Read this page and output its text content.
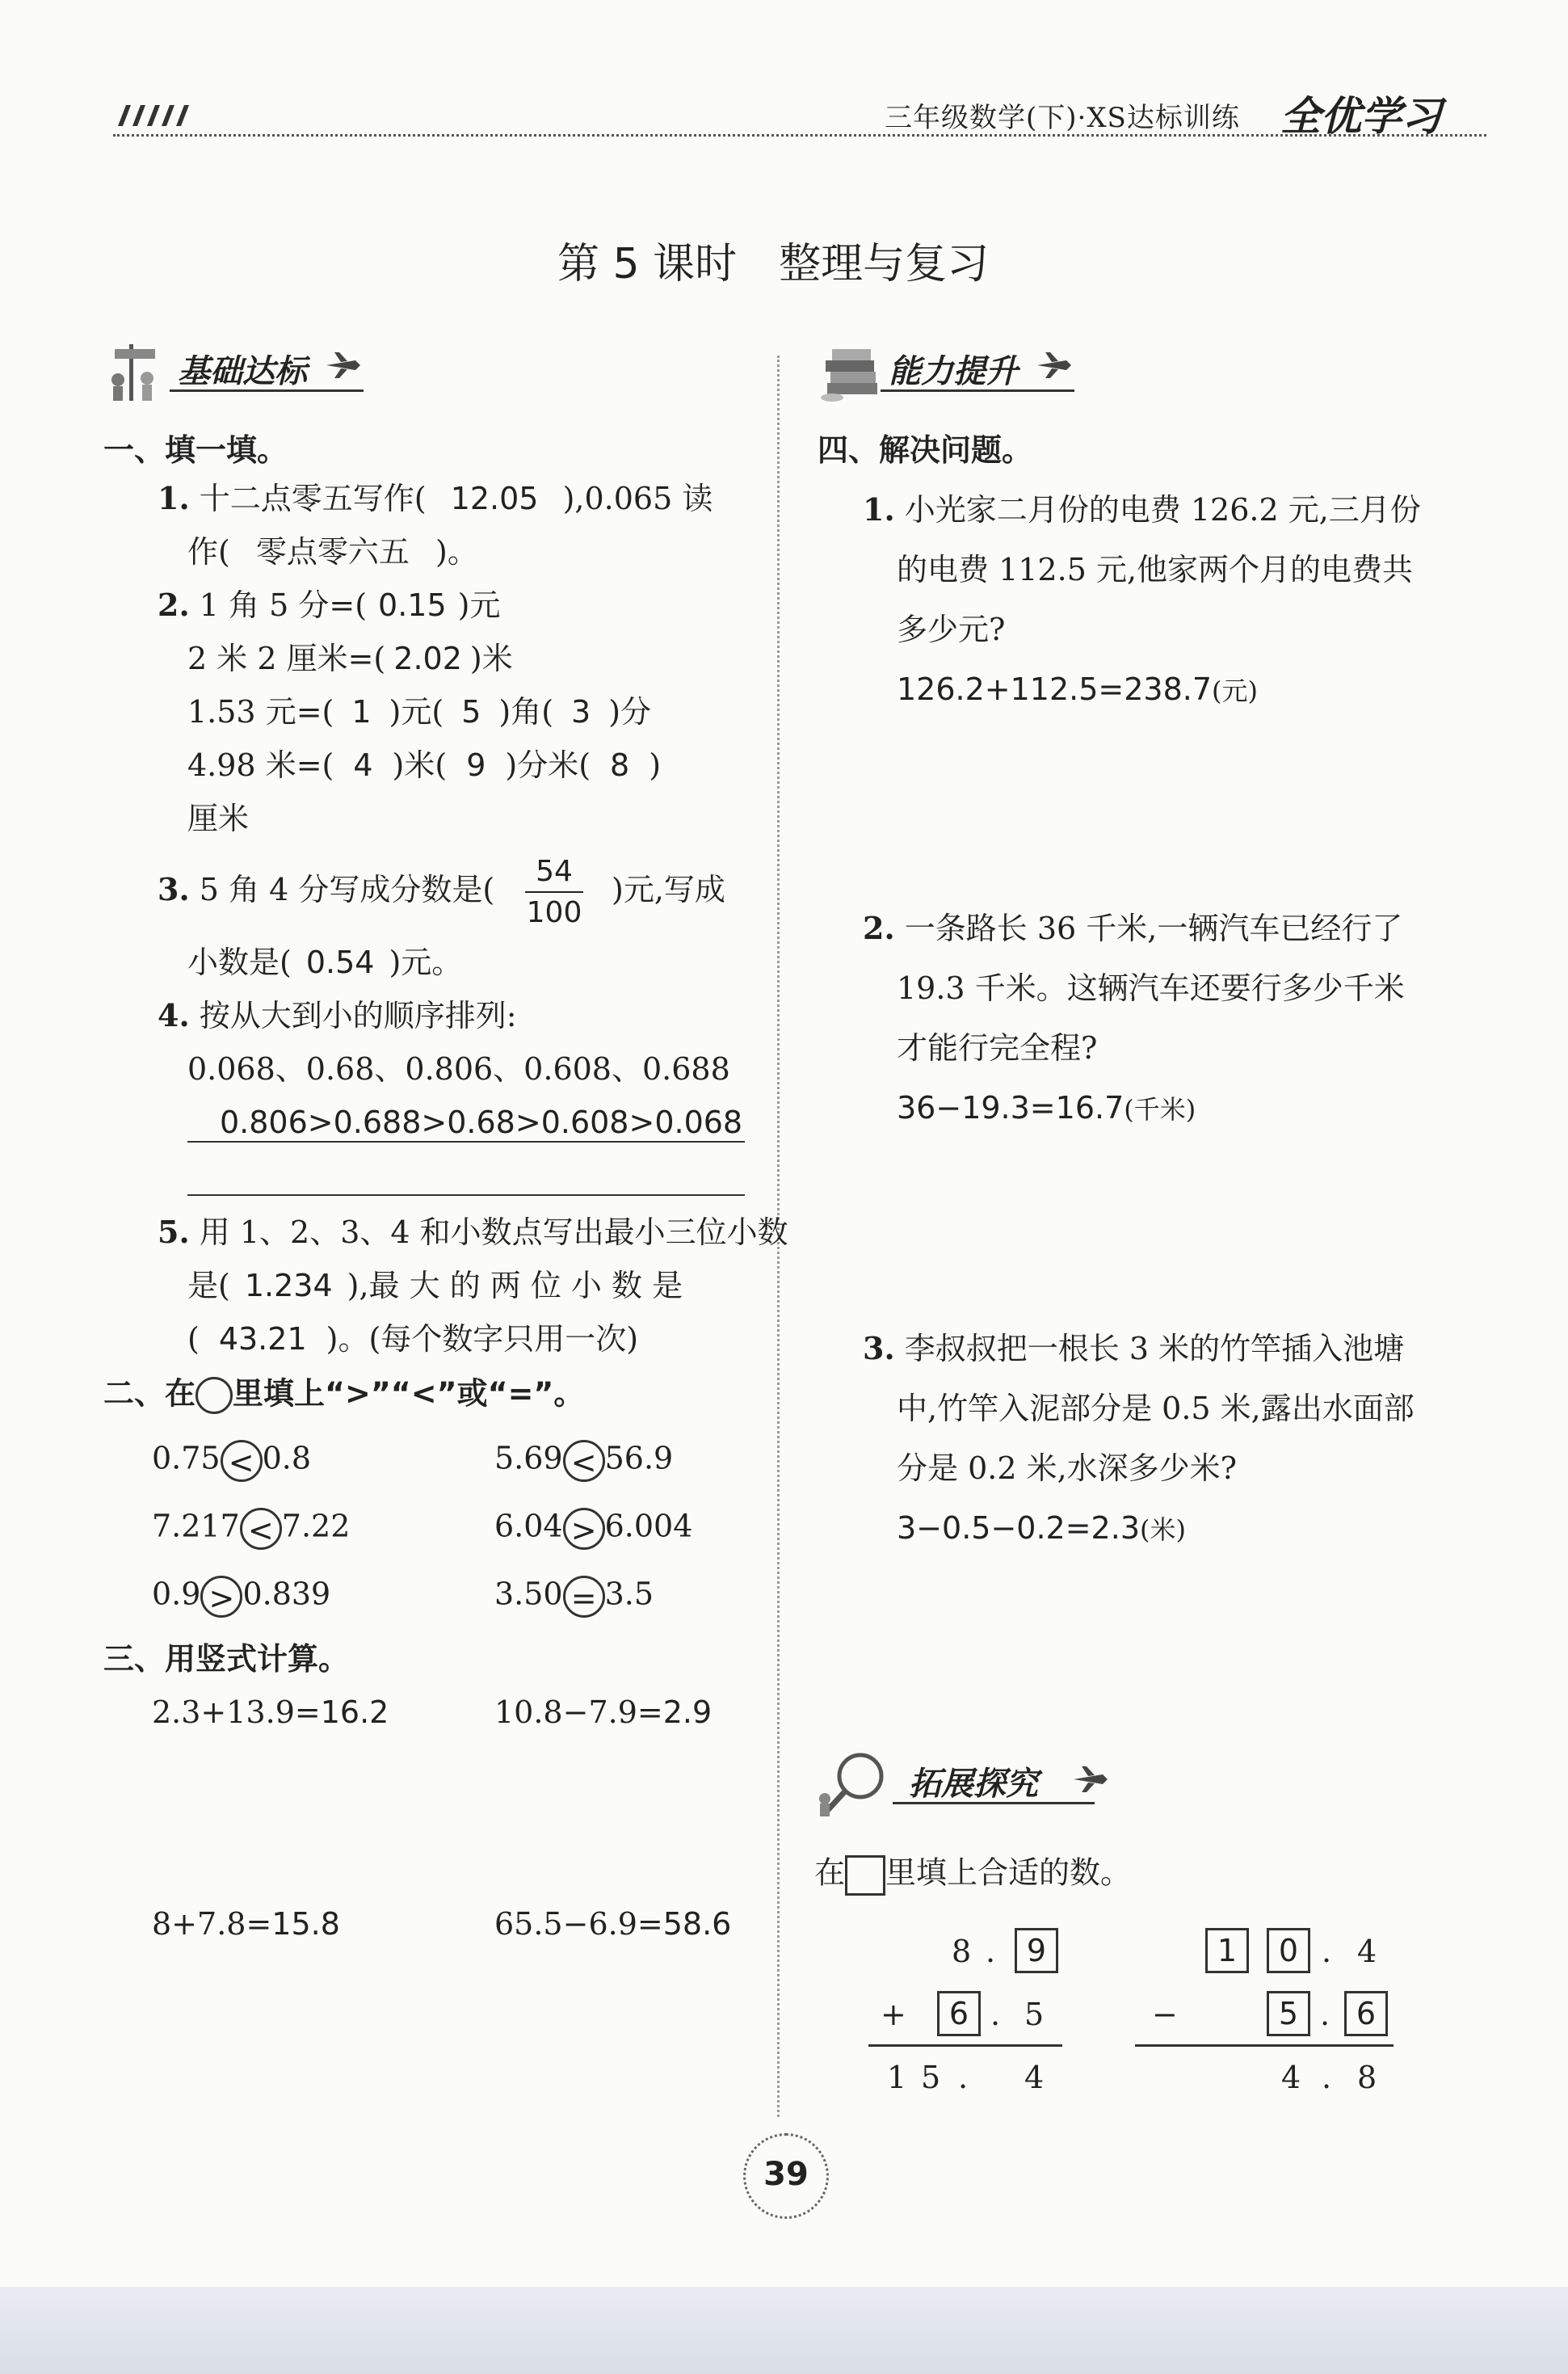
三年级数学(下)·XS达标训练 全优学习
第 5 课时　整理与复习
基础达标	能力提升
一、填一填。
1. 十二点零五写作( 12.05 ),0.065 读
作( 零点零六五 )。
2. 1 角 5 分=( 0.15 )元
2 米 2 厘米=( 2.02 )米
1.53 元=( 1 )元( 5 )角( 3 )分
4.98 米=( 4 )米( 9 )分米( 8 )
厘米
3. 5 角 4 分写成分数是(
54
100
)元,写成
小数是( 0.54 )元。
4. 按从大到小的顺序排列:
0.068、0.68、0.806、0.608、0.688
0.806>0.688>0.68>0.608>0.068
5. 用 1、2、3、4 和小数点写出最小三位小数
是( 1.234 ),最 大 的 两 位 小 数 是
( 43.21 )。(每个数字只用一次)
二、在 里填上“>”“<”或“=”。
0.75 < 0.8	5.69 < 56.9
7.217 < 7.22	6.04 > 6.004
0.9 > 0.839	3.50 = 3.5
三、用竖式计算。
2.3+13.9=16.2	10.8−7.9=2.9
8+7.8=15.8	65.5−6.9=58.6
四、解决问题。
1. 小光家二月份的电费 126.2 元,三月份
的电费 112.5 元,他家两个月的电费共
多少元?
126.2+112.5=238.7(元)
2. 一条路长 36 千米,一辆汽车已经行了
19.3 千米。这辆汽车还要行多少千米
才能行完全程?
36−19.3=16.7(千米)
3. 李叔叔把一根长 3 米的竹竿插入池塘
中,竹竿入泥部分是 0.5 米,露出水面部
分是 0.2 米,水深多少米?
3−0.5−0.2=2.3(米)
拓展探究
在 里填上合适的数。
8 .	9
+	6 . 5
1 5 . 4
1	0 . 4
−	5 . 6
4 . 8
39
